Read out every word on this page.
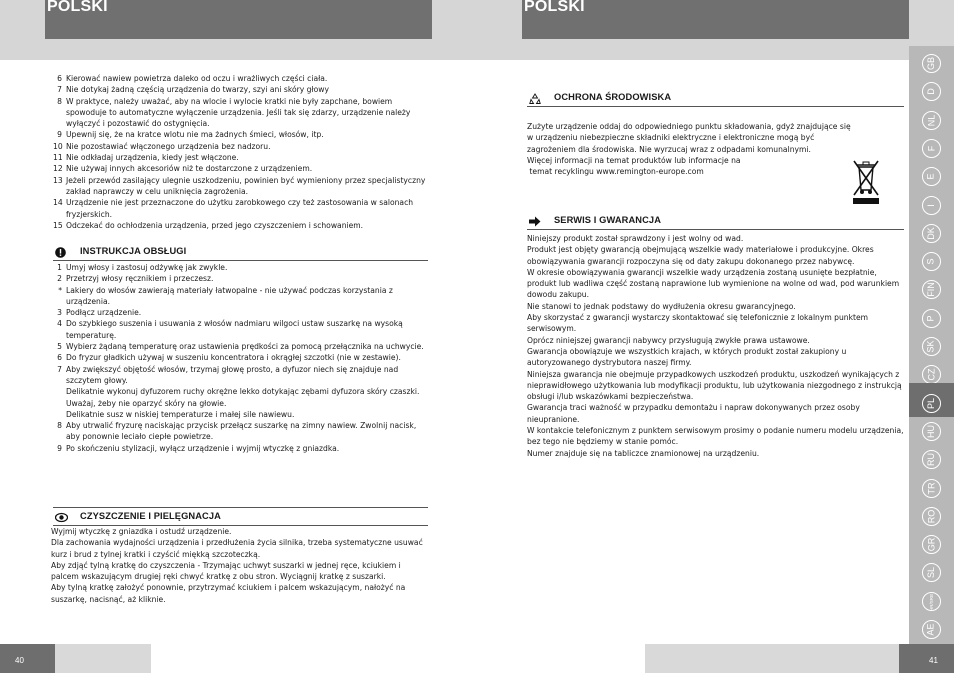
POLSKI
6 Kierować nawiew powietrza daleko od oczu i wrażliwych części ciała.
7 Nie dotykaj żadną częścią urządzenia do twarzy, szyi ani skóry głowy
8 W praktyce, należy uważać, aby na wlocie i wylocie kratki nie były zapchane, bowiem spowoduje to automatyczne wyłączenie urządzenia. Jeśli tak się zdarzy, urządzenie należy wyłączyć i pozostawić do ostygnięcia.
9 Upewnij się, że na kratce wlotu nie ma żadnych śmieci, włosów, itp.
10 Nie pozostawiać włączonego urządzenia bez nadzoru.
11 Nie odkładaj urządzenia, kiedy jest włączone.
12 Nie używaj innych akcesoriów niż te dostarczone z urządzeniem.
13 Jeżeli przewód zasilający ulegnie uszkodzeniu, powinien być wymieniony przez specjalistyczny zakład naprawczy w celu uniknięcia zagrożenia.
14 Urządzenie nie jest przeznaczone do użytku zarobkowego czy też zastosowania w salonach fryzjerskich.
15 Odczekać do ochłodzenia urządzenia, przed jego czyszczeniem i schowaniem.
INSTRUKCJA OBSŁUGI
1 Umyj włosy i zastosuj odżywkę jak zwykle.
2 Przetrzyj włosy ręcznikiem i przeczesz.
* Lakiery do włosów zawierają materiały łatwopalne - nie używać podczas korzystania z urządzenia.
3 Podłącz urządzenie.
4 Do szybkiego suszenia i usuwania z włosów nadmiaru wilgoci ustaw suszarkę na wysoką temperaturę.
5 Wybierz żądaną temperaturę oraz ustawienia prędkości za pomocą przełącznika na uchwycie.
6 Do fryzur gładkich używaj w suszeniu koncentratora i okrągłej szczotki (nie w zestawie).
7 Aby zwiększyć objętość włosów, trzymaj głowę prosto, a dyfuzor niech się znajduje nad szczytem głowy.
Delikatnie wykonuj dyfuzorem ruchy okrężne lekko dotykając zębami dyfuzora skóry czaszki.
Uważaj, żeby nie oparzyć skóry na głowie.
Delikatnie susz w niskiej temperaturze i małej sile nawiewu.
8 Aby utrwalić fryzurę naciskając przycisk przełącz suszarkę na zimny nawiew. Zwolnij nacisk, aby ponownie leciało ciepłe powietrze.
9 Po skończeniu stylizacji, wyłącz urządzenie i wyjmij wtyczkę z gniazdka.
CZYSZCZENIE I PIELĘGNACJA

Wyjmij wtyczkę z gniazdka i ostudź urządzenie.

Dla zachowania wydajności urządzenia i przedłużenia życia silnika, trzeba systematyczne usuwać kurz i brud z tylnej kratki i czyścić miękką szczoteczką.

Aby zdjąć tylną kratkę do czyszczenia - Trzymając uchwyt suszarki w jednej ręce, kciukiem i palcem wskazującym drugiej ręki chwyć kratkę z obu stron. Wyciągnij kratkę z suszarki.

Aby tylną kratkę założyć ponownie, przytrzymać kciukiem i palcem wskazującym, nałożyć na suszarkę, nacisnąć, aż kliknie.

40
POLSKI
OCHRONA ŚRODOWISKA

Zużyte urządzenie oddaj do odpowiedniego punktu składowania, gdyż znajdujące się w urządzeniu niebezpieczne składniki elektryczne i elektroniczne mogą być zagrożeniem dla środowiska. Nie wyrzucaj wraz z odpadami komunalnymi.

Więcej informacji na temat produktów lub informacje na

temat recyklingu www.remington-europe.com

SERWIS I GWARANCJA

Niniejszy produkt został sprawdzony i jest wolny od wad.

Produkt jest objęty gwarancją obejmującą wszelkie wady materiałowe i produkcyjne. Okres obowiązywania gwarancji rozpoczyna się od daty zakupu dokonanego przez nabywcę.

W okresie obowiązywania gwarancji wszelkie wady urządzenia zostaną usunięte bezpłatnie, produkt lub wadliwa część zostaną naprawione lub wymienione na wolne od wad, pod warunkiem dowodu zakupu.

Nie stanowi to jednak podstawy do wydłużenia okresu gwarancyjnego.

Aby skorzystać z gwarancji wystarczy skontaktować się telefonicznie z lokalnym punktem serwisowym.

Oprócz niniejszej gwarancji nabywcy przysługują zwykłe prawa ustawowe.

Gwarancja obowiązuje we wszystkich krajach, w których produkt został zakupiony u autoryzowanego dystrybutora naszej firmy.

Niniejsza gwarancja nie obejmuje przypadkowych uszkodzeń produktu, uszkodzeń wynikających z nieprawidłowego użytkowania lub modyfikacji produktu, lub użytkowania niezgodnego z instrukcją obsługi i/lub wskazówkami bezpieczeństwa.

Gwarancja traci ważność w przypadku demontażu i napraw dokonywanych przez osoby nieupranione.

W kontakcie telefonicznym z punktem serwisowym prosimy o podanie numeru modelu urządzenia, bez tego nie będziemy w stanie pomóc.

Numer znajduje się na tabliczce znamionowej na urządzeniu.

GB
D
NL
F
E
I
DK
S
FIN
P
SK
CZ
PL
HU
RU
TR
RO
GR
SL
HR/SRB
AE
41
